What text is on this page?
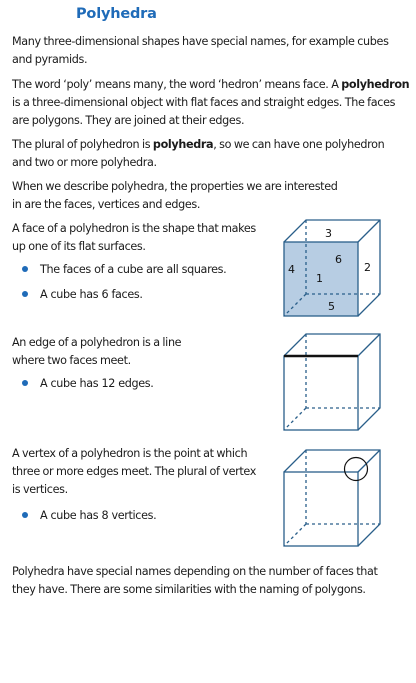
Polyhedra
Many three-dimensional shapes have special names, for example cubes
and pyramids.
The word ‘poly’ means many, the word ‘hedron’ means face. A polyhedron
is a three-dimensional object with flat faces and straight edges. The faces
are polygons. They are joined at their edges.
The plural of polyhedron is polyhedra, so we can have one polyhedron
and two or more polyhedra.
When we describe polyhedra, the properties we are interested
in are the faces, vertices and edges.
A face of a polyhedron is the shape that makes
up one of its flat surfaces.
The faces of a cube are all squares.
A cube has 6 faces.
3
4
1
6
2
5
An edge of a polyhedron is a line
where two faces meet.
A cube has 12 edges.
A vertex of a polyhedron is the point at which
three or more edges meet. The plural of vertex
is vertices.
A cube has 8 vertices.
Polyhedra have special names depending on the number of faces that
they have. There are some similarities with the naming of polygons.
